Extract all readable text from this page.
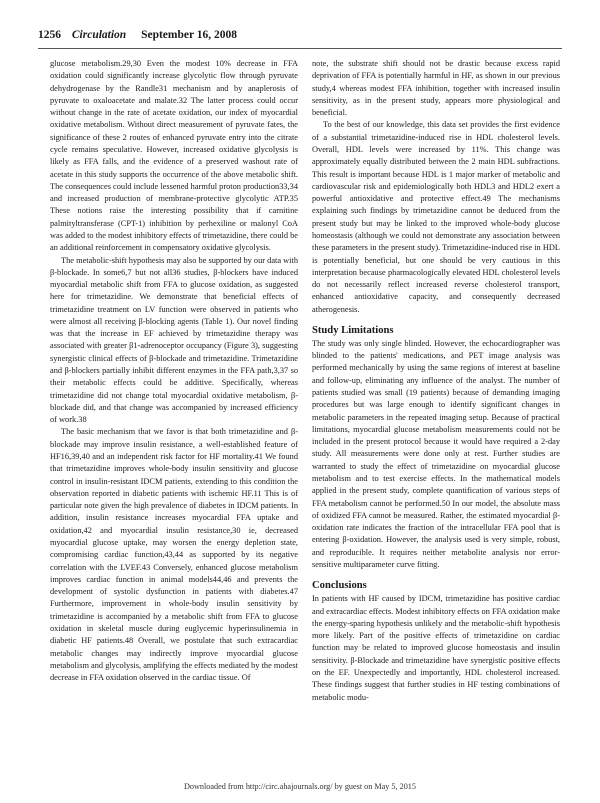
1256 Circulation September 16, 2008

glucose metabolism.29,30 Even the modest 10% decrease in FFA oxidation could significantly increase glycolytic flow through pyruvate dehydrogenase by the Randle31 mechanism and by anaplerosis of pyruvate to oxaloacetate and malate.32 The latter process could occur without change in the rate of acetate oxidation, our index of myocardial oxidative metabolism. Without direct measurement of pyruvate fates, the significance of these 2 routes of enhanced pyruvate entry into the citrate cycle remains speculative. However, increased oxidative glycolysis is likely as FFA falls, and the evidence of a preserved washout rate of acetate in this study supports the occurrence of the above metabolic shift. The consequences could include lessened harmful proton production33,34 and increased production of membrane-protective glycolytic ATP.35 These notions raise the interesting possibility that if carnitine palmityltransferase (CPT-1) inhibition by perhexiline or malonyl CoA was added to the modest inhibitory effects of trimetazidine, there could be an additional reinforcement in compensatory oxidative glycolysis.

The metabolic-shift hypothesis may also be supported by our data with β-blockade. In some6,7 but not all36 studies, β-blockers have induced myocardial metabolic shift from FFA to glucose oxidation, as suggested here for trimetazidine. We demonstrate that beneficial effects of trimetazidine treatment on LV function were observed in patients who were almost all receiving β-blocking agents (Table 1). Our novel finding was that the increase in EF achieved by trimetazidine therapy was associated with greater β1-adrenoceptor occupancy (Figure 3), suggesting synergistic clinical effects of β-blockade and trimetazidine. Trimetazidine and β-blockers partially inhibit different enzymes in the FFA path,3,37 so their metabolic effects could be additive. Specifically, whereas trimetazidine did not change total myocardial oxidative metabolism, β-blockade did, and that change was accompanied by increased efficiency of work.38

The basic mechanism that we favor is that both trimetazidine and β-blockade may improve insulin resistance, a well-established feature of HF16,39,40 and an independent risk factor for HF mortality.41 We found that trimetazidine improves whole-body insulin sensitivity and glucose control in insulin-resistant IDCM patients, extending to this condition the observation reported in diabetic patients with ischemic HF.11 This is of particular note given the high prevalence of diabetes in IDCM patients. In addition, insulin resistance increases myocardial FFA uptake and oxidation,42 and myocardial insulin resistance,30 ie, decreased myocardial glucose uptake, may worsen the energy depletion state, compromising cardiac function,43,44 as supported by its negative correlation with the LVEF.43 Conversely, enhanced glucose metabolism improves cardiac function in animal models44,46 and prevents the development of systolic dysfunction in patients with diabetes.47 Furthermore, improvement in whole-body insulin sensitivity by trimetazidine is accompanied by a metabolic shift from FFA to glucose oxidation in skeletal muscle during euglycemic hyperinsulinemia in diabetic HF patients.48 Overall, we postulate that such extracardiac metabolic changes may indirectly improve myocardial glucose metabolism and glycolysis, amplifying the effects mediated by the modest decrease in FFA oxidation observed in the cardiac tissue. Of

note, the substrate shift should not be drastic because excess rapid deprivation of FFA is potentially harmful in HF, as shown in our previous study,4 whereas modest FFA inhibition, together with increased insulin sensitivity, as in the present study, appears more physiological and beneficial.

To the best of our knowledge, this data set provides the first evidence of a substantial trimetazidine-induced rise in HDL cholesterol levels. Overall, HDL levels were increased by 11%. This change was approximately equally distributed between the 2 main HDL subfractions. This result is important because HDL is 1 major marker of metabolic and cardiovascular risk and epidemiologically both HDL3 and HDL2 exert a powerful antioxidative and protective effect.49 The mechanisms explaining such findings by trimetazidine cannot be deduced from the present study but may be linked to the improved whole-body glucose homeostasis (although we could not demonstrate any association between these parameters in the present study). Trimetazidine-induced rise in HDL is potentially beneficial, but one should be very cautious in this interpretation because pharmacologically elevated HDL cholesterol levels do not necessarily reflect increased reverse cholesterol transport, enhanced antioxidative capacity, and consequently decreased atherogenesis.

Study Limitations

The study was only single blinded. However, the echocardiographer was blinded to the patients' medications, and PET image analysis was performed mechanically by using the same regions of interest at baseline and follow-up, eliminating any influence of the analyst. The number of patients studied was small (19 patients) because of demanding imaging procedures but was large enough to identify significant changes in metabolic parameters in the repeated imaging setup. Because of practical limitations, myocardial glucose metabolism measurements could not be included in the present protocol because it would have required a 2-day study. All measurements were done only at rest. Further studies are warranted to study the effect of trimetazidine on myocardial glucose metabolism and to test exercise effects. In the mathematical models applied in the present study, complete quantification of various steps of FFA metabolism cannot be performed.50 In our model, the absolute mass of oxidized FFA cannot be measured. Rather, the estimated myocardial β-oxidation rate indicates the fraction of the intracellular FFA pool that is entering β-oxidation. However, the analysis used is very simple, robust, and reproducible. It requires neither metabolite analysis nor error-sensitive multiparameter curve fitting.

Conclusions

In patients with HF caused by IDCM, trimetazidine has positive cardiac and extracardiac effects. Modest inhibitory effects on FFA oxidation make the energy-sparing hypothesis unlikely and the metabolic-shift hypothesis more likely. Part of the positive effects of trimetazidine on cardiac function may be related to improved glucose homeostasis and insulin sensitivity. β-Blockade and trimetazidine have synergistic positive effects on the EF. Unexpectedly and importantly, HDL cholesterol increased. These findings suggest that further studies in HF testing combinations of metabolic modu-

Downloaded from http://circ.ahajournals.org/ by guest on May 5, 2015
